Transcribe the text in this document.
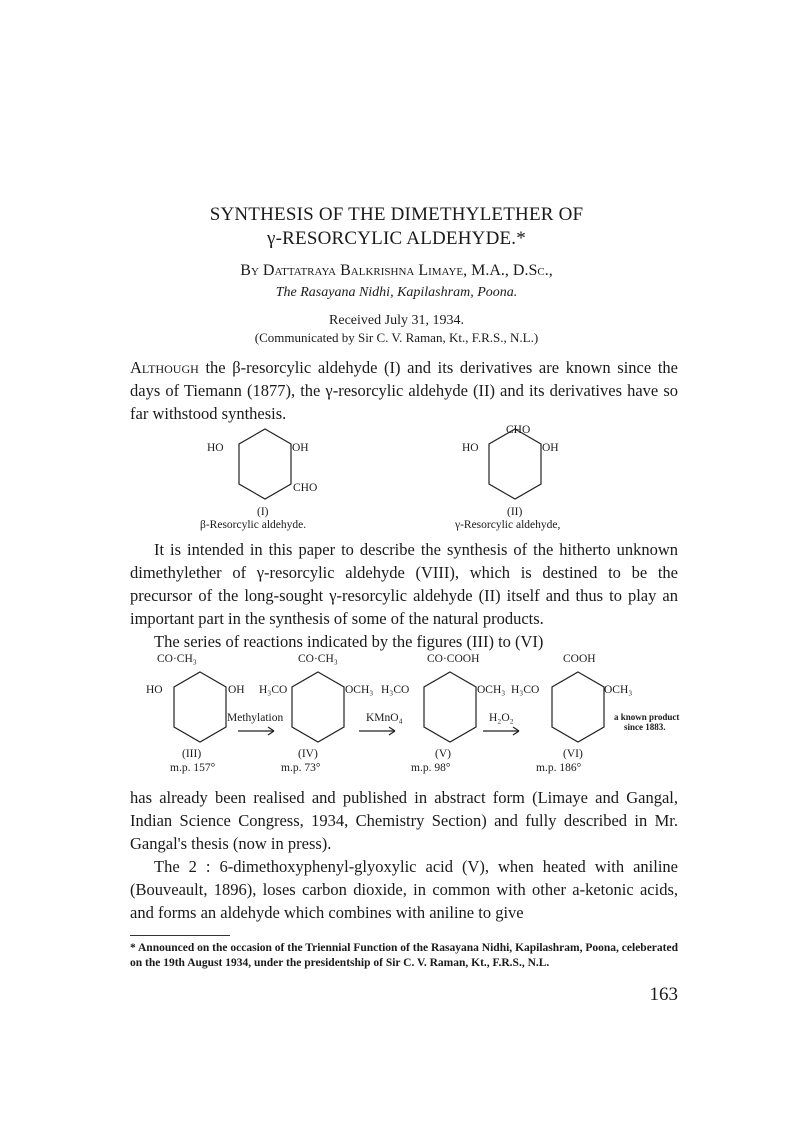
SYNTHESIS OF THE DIMETHYLETHER OF
γ-RESORCYLIC ALDEHYDE.*
By Dattatraya Balkrishna Limaye, M.A., D.Sc.,
The Rasayana Nidhi, Kapilashram, Poona.
Received July 31, 1934.
(Communicated by Sir C. V. Raman, Kt., F.R.S., N.L.)

Although the β-resorcylic aldehyde (I) and its derivatives are known since the days of Tiemann (1877), the γ-resorcylic aldehyde (II) and its derivatives have so far withstood synthesis.

HO	OH
CHO
(I)
β-Resorcylic aldehyde.
CHO
HO	OH
(II)
γ-Resorcylic aldehyde,

It is intended in this paper to describe the synthesis of the hitherto unknown dimethylether of γ-resorcylic aldehyde (VIII), which is destined to be the precursor of the long-sought γ-resorcylic aldehyde (II) itself and thus to play an important part in the synthesis of some of the natural products.

The series of reactions indicated by the figures (III) to (VI)

CO·CH₃
HO	OH
(III)
m.p. 157°
Methylation
CO·CH₃
H₃CO	OCH₃
(IV)
m.p. 73°
KMnO₄
CO·COOH
H₃CO	OCH₃
(V)
m.p. 98°
H₂O₂
COOH
H₃CO	OCH₃
(VI)
m.p. 186°
a known product
since 1883.

has already been realised and published in abstract form (Limaye and Gangal, Indian Science Congress, 1934, Chemistry Section) and fully described in Mr. Gangal's thesis (now in press).

The 2 : 6-dimethoxyphenyl-glyoxylic acid (V), when heated with aniline (Bouveault, 1896), loses carbon dioxide, in common with other a-ketonic acids, and forms an aldehyde which combines with aniline to give

* Announced on the occasion of the Triennial Function of the Rasayana Nidhi, Kapilashram, Poona, celeberated on the 19th August 1934, under the presidentship of Sir C. V. Raman, Kt., F.R.S., N.L.

163
